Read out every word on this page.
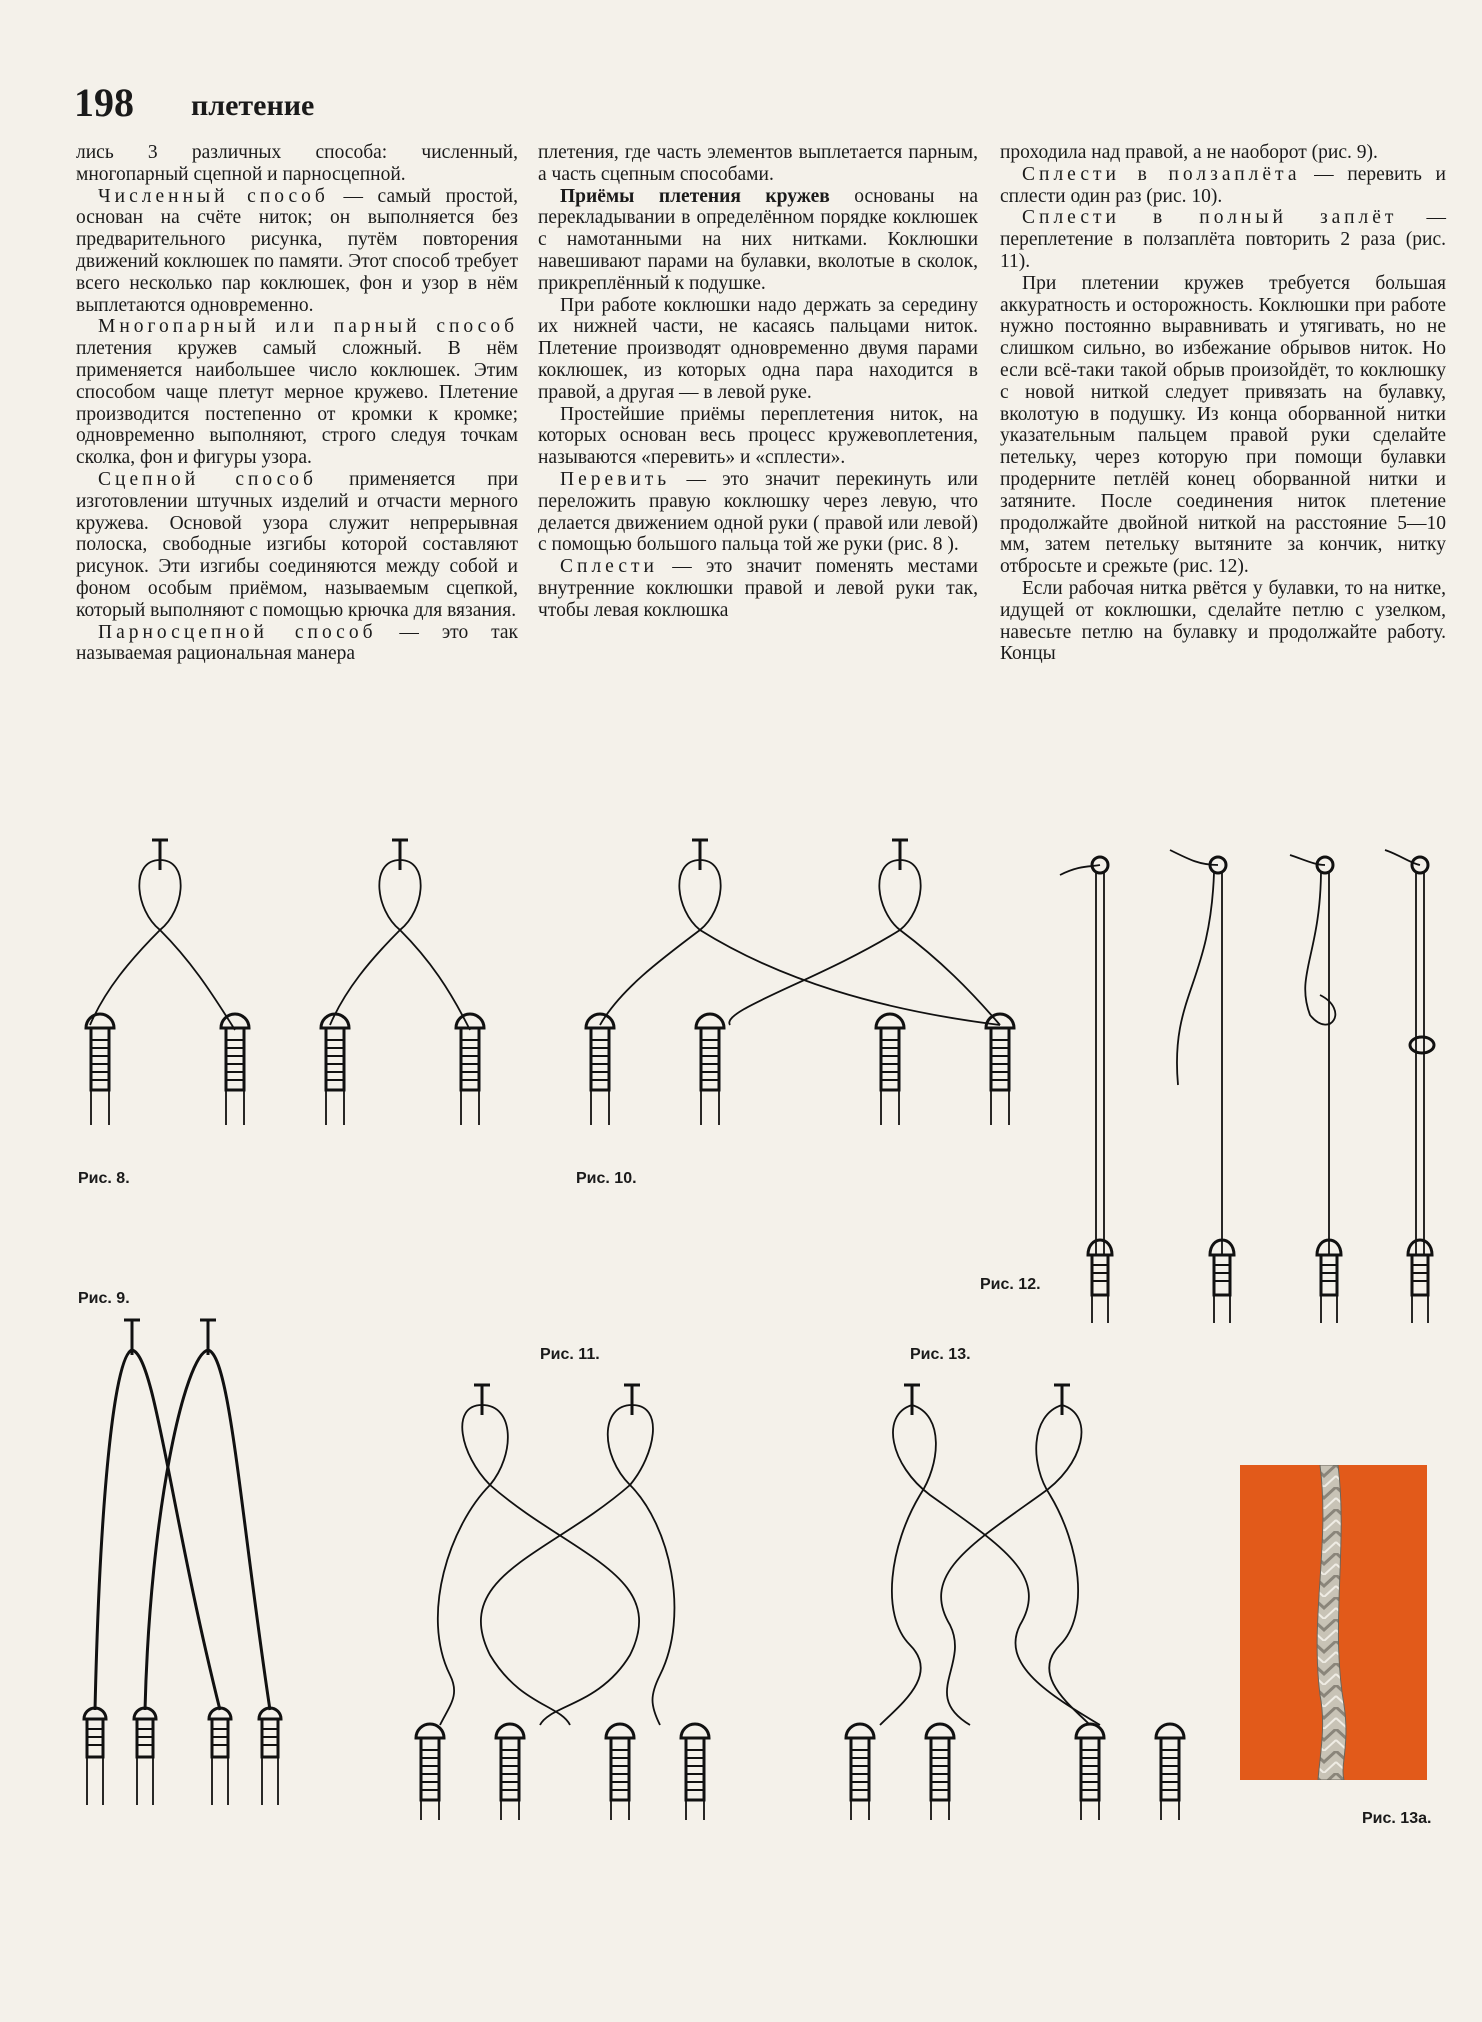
198 плетение

лись 3 различных способа: численный, многопарный сцепной и парносцепной.

Численный способ — самый простой, основан на счёте ниток; он выполняется без предварительного рисунка, путём повторения движений коклюшек по памяти. Этот способ требует всего несколько пар коклюшек, фон и узор в нём выплетаются одновременно.

Многопарный или парный способ плетения кружев самый сложный. В нём применяется наибольшее число коклюшек. Этим способом чаще плетут мерное кружево. Плетение производится постепенно от кромки к кромке; одновременно выполняют, строго следуя точкам сколка, фон и фигуры узора.

Сцепной способ применяется при изготовлении штучных изделий и отчасти мерного кружева. Основой узора служит непрерывная полоска, свободные изгибы которой составляют рисунок. Эти изгибы соединяются между собой и фоном особым приёмом, называемым сцепкой, который выполняют с помощью крючка для вязания.

Парносцепной способ — это так называемая рациональная манера

плетения, где часть элементов выплетается парным, а часть сцепным способами.

Приёмы плетения кружев основаны на перекладывании в определённом порядке коклюшек с намотанными на них нитками. Коклюшки навешивают парами на булавки, вколотые в сколок, прикреплённый к подушке.

При работе коклюшки надо держать за середину их нижней части, не касаясь пальцами ниток. Плетение производят одновременно двумя парами коклюшек, из которых одна пара находится в правой, а другая — в левой руке.

Простейшие приёмы переплетения ниток, на которых основан весь процесс кружевоплетения, называются «перевить» и «сплести».

Перевить — это значит перекинуть или переложить правую коклюшку через левую, что делается движением одной руки ( правой или левой) с помощью большого пальца той же руки (рис. 8 ).

Сплести — это значит поменять местами внутренние коклюшки правой и левой руки так, чтобы левая коклюшка

проходила над правой, а не наоборот (рис. 9).

Сплести в ползаплёта — перевить и сплести один раз (рис. 10).

Сплести в полный заплёт — переплетение в ползаплёта повторить 2 раза (рис. 11).

При плетении кружев требуется большая аккуратность и осторожность. Коклюшки при работе нужно постоянно выравнивать и утягивать, но не слишком сильно, во избежание обрывов ниток. Но если всё-таки такой обрыв произойдёт, то коклюшку с новой ниткой следует привязать на булавку, вколотую в подушку. Из конца оборванной нитки указательным пальцем правой руки сделайте петельку, через которую при помощи булавки продерните петлёй конец оборванной нитки и затяните. После соединения ниток плетение продолжайте двойной ниткой на расстояние 5—10 мм, затем петельку вытяните за кончик, нитку отбросьте и срежьте (рис. 12).

Если рабочая нитка рвётся у булавки, то на нитке, идущей от коклюшки, сделайте петлю с узелком, навесьте петлю на булавку и продолжайте работу. Концы

Рис. 8.	Рис. 10.
Рис. 12.
Рис. 9.
Рис. 11.	Рис. 13.
Рис. 13а.
